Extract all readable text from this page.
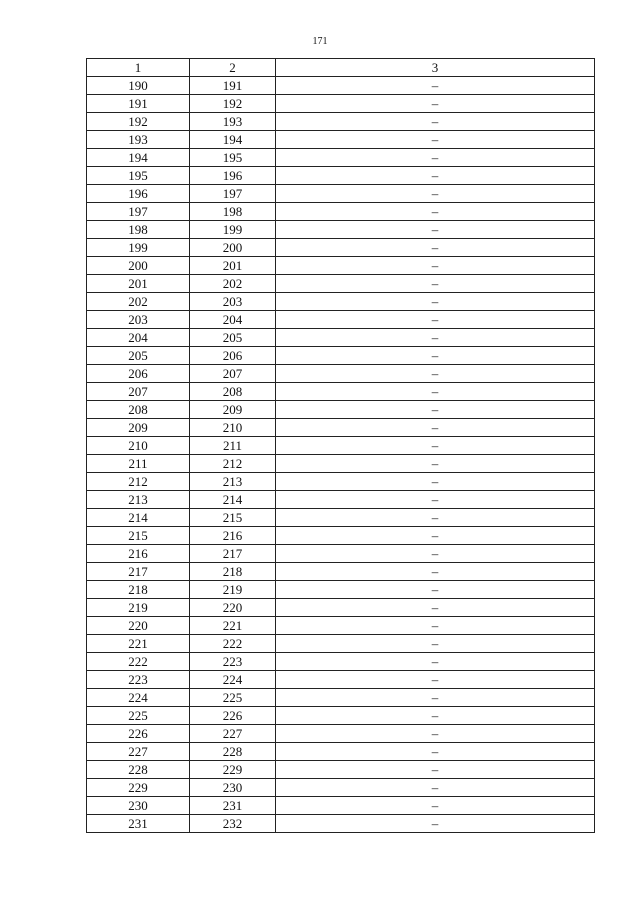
171
1	2	3
190	191	–
191	192	–
192	193	–
193	194	–
194	195	–
195	196	–
196	197	–
197	198	–
198	199	–
199	200	–
200	201	–
201	202	–
202	203	–
203	204	–
204	205	–
205	206	–
206	207	–
207	208	–
208	209	–
209	210	–
210	211	–
211	212	–
212	213	–
213	214	–
214	215	–
215	216	–
216	217	–
217	218	–
218	219	–
219	220	–
220	221	–
221	222	–
222	223	–
223	224	–
224	225	–
225	226	–
226	227	–
227	228	–
228	229	–
229	230	–
230	231	–
231	232	–
